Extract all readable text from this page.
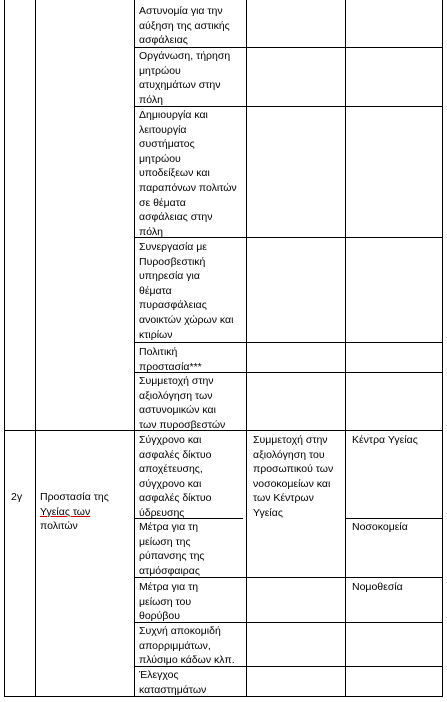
Αστυνομία για την
αύξηση της αστικής
ασφάλειας
Οργάνωση, τήρηση
μητρώου
ατυχημάτων στην
πόλη
Δημιουργία και
λειτουργία
συστήματος
μητρώου
υποδείξεων και
παραπόνων πολιτών
σε θέματα
ασφάλειας στην
πόλη
Συνεργασία με
Πυροσβεστική
υπηρεσία για
θέματα
πυρασφάλειας
ανοικτών χώρων και
κτιρίων
Πολιτική
προστασία***
Συμμετοχή στην
αξιολόγηση των
αστυνομικών και
των πυροσβεστών
2γ Προστασία της
Υγείας των
πολιτών
Σύγχρονο και
ασφαλές δίκτυο
αποχέτευσης,
σύγχρονο και
ασφαλές δίκτυο
ύδρευσης
Μέτρα για τη
μείωση της
ρύπανσης της
ατμόσφαιρας
Μέτρα για τη
μείωση του
θορύβου
Συχνή αποκομιδή
απορριμμάτων,
πλύσιμο κάδων κλπ.
Έλεγχος
καταστημάτων
Συμμετοχή στην
αξιολόγηση του
προσωπικού των
νοσοκομείων και
των Κέντρων
Υγείας
Κέντρα Υγείας
Νοσοκομεία
Νομοθεσία
